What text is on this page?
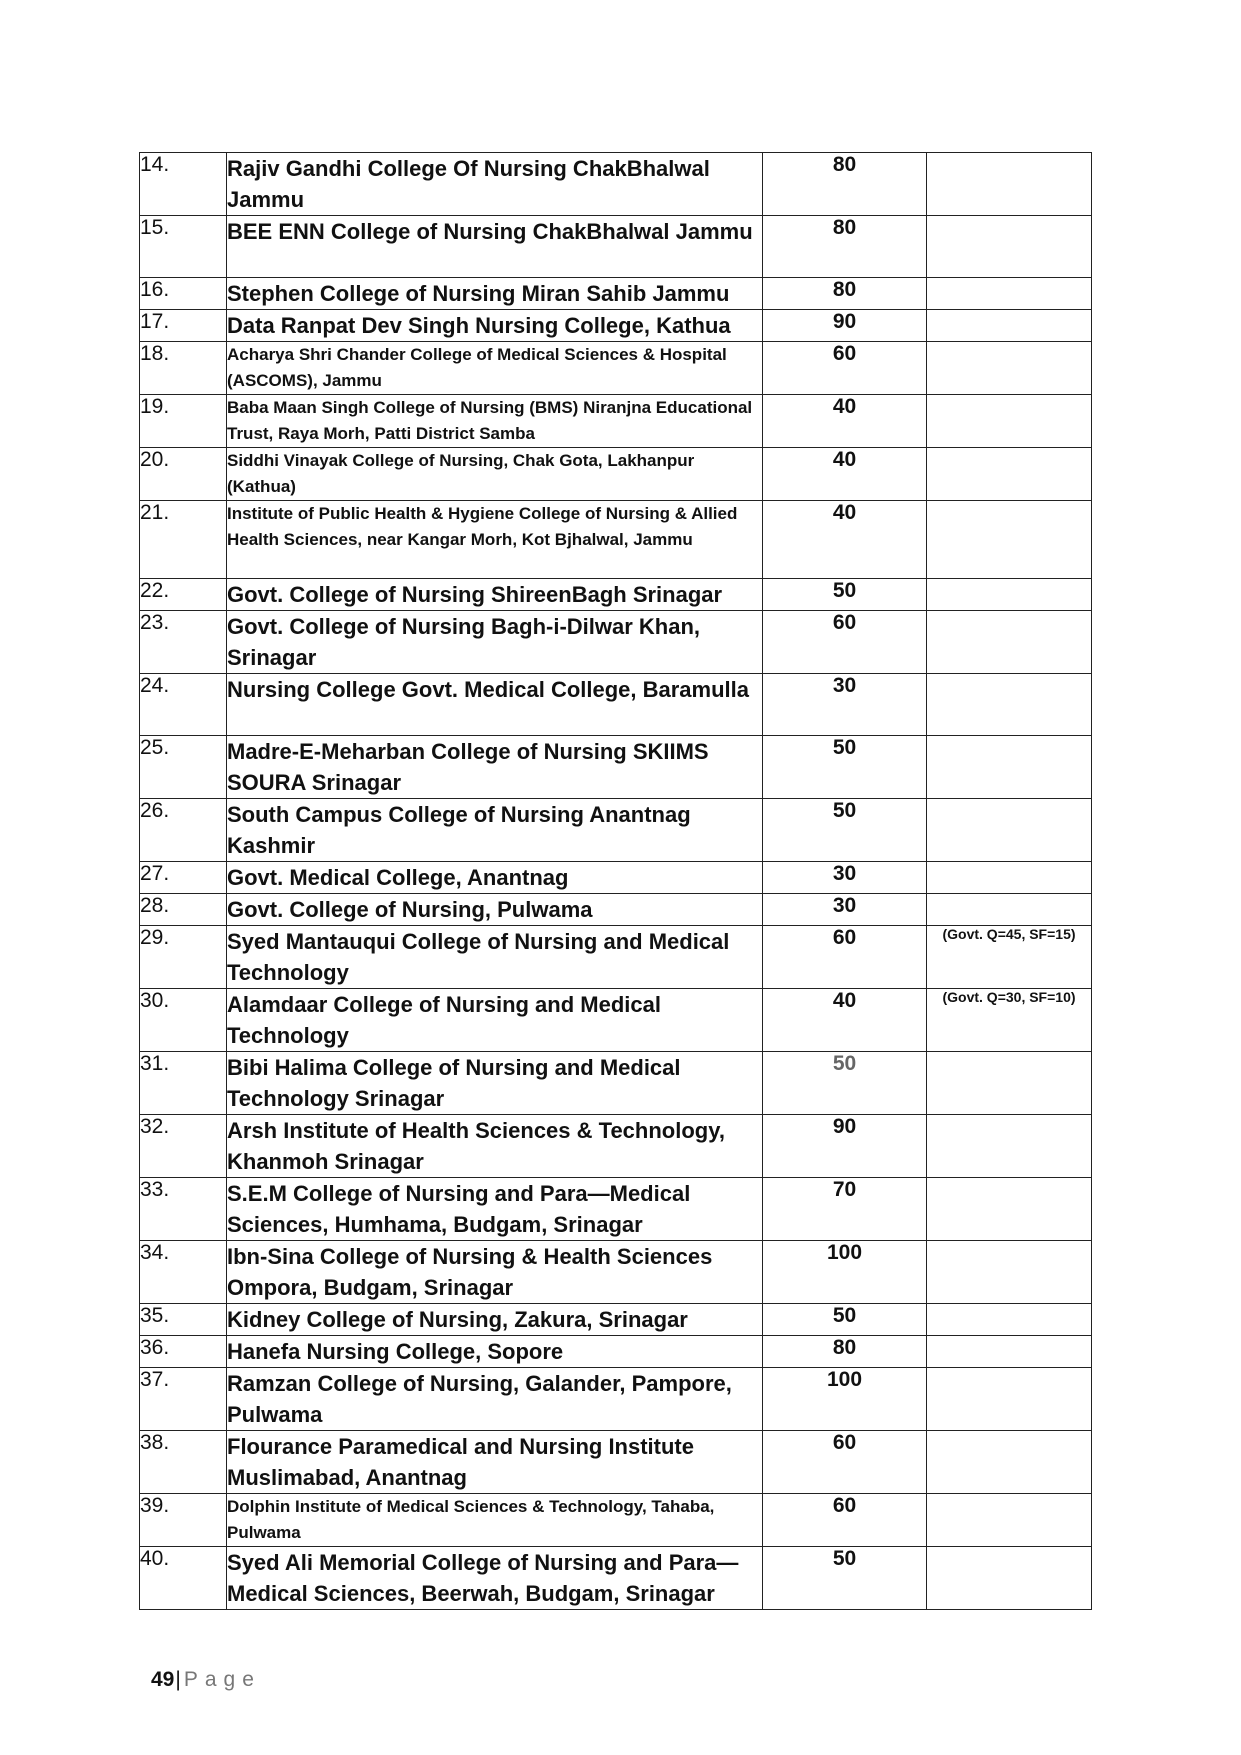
14.	Rajiv Gandhi College Of Nursing ChakBhalwal Jammu	80	
15.	BEE ENN College of Nursing ChakBhalwal Jammu	80	
16.	Stephen College of Nursing Miran Sahib Jammu	80	
17.	Data Ranpat Dev Singh Nursing College, Kathua	90	
18.	Acharya Shri Chander College of Medical Sciences & Hospital (ASCOMS), Jammu	60	
19.	Baba Maan Singh College of Nursing (BMS) Niranjna Educational Trust, Raya Morh, Patti District Samba	40	
20.	Siddhi Vinayak College of Nursing, Chak Gota, Lakhanpur (Kathua)	40	
21.	Institute of Public Health & Hygiene College of Nursing & Allied Health Sciences, near Kangar Morh, Kot Bjhalwal, Jammu	40	
22.	Govt. College of Nursing ShireenBagh Srinagar	50	
23.	Govt. College of Nursing Bagh-i-Dilwar Khan, Srinagar	60	
24.	Nursing College Govt. Medical College, Baramulla	30	
25.	Madre-E-Meharban College of Nursing SKIIMS SOURA Srinagar	50	
26.	South Campus College of Nursing Anantnag Kashmir	50	
27.	Govt. Medical College, Anantnag	30	
28.	Govt. College of Nursing, Pulwama	30	
29.	Syed Mantauqui College of Nursing and Medical Technology	60	(Govt. Q=45, SF=15)
30.	Alamdaar College of Nursing and Medical Technology	40	(Govt. Q=30, SF=10)
31.	Bibi Halima College of Nursing and Medical Technology Srinagar	50	
32.	Arsh Institute of Health Sciences & Technology, Khanmoh Srinagar	90	
33.	S.E.M College of Nursing and Para—Medical Sciences, Humhama, Budgam, Srinagar	70	
34.	Ibn-Sina College of Nursing & Health Sciences Ompora, Budgam, Srinagar	100	
35.	Kidney College of Nursing, Zakura, Srinagar	50	
36.	Hanefa Nursing College, Sopore	80	
37.	Ramzan College of Nursing, Galander, Pampore, Pulwama	100	
38.	Flourance Paramedical and Nursing Institute Muslimabad, Anantnag	60	
39.	Dolphin Institute of Medical Sciences & Technology, Tahaba, Pulwama	60	
40.	Syed Ali Memorial College of Nursing and Para—Medical Sciences, Beerwah, Budgam, Srinagar	50	
49| Page
